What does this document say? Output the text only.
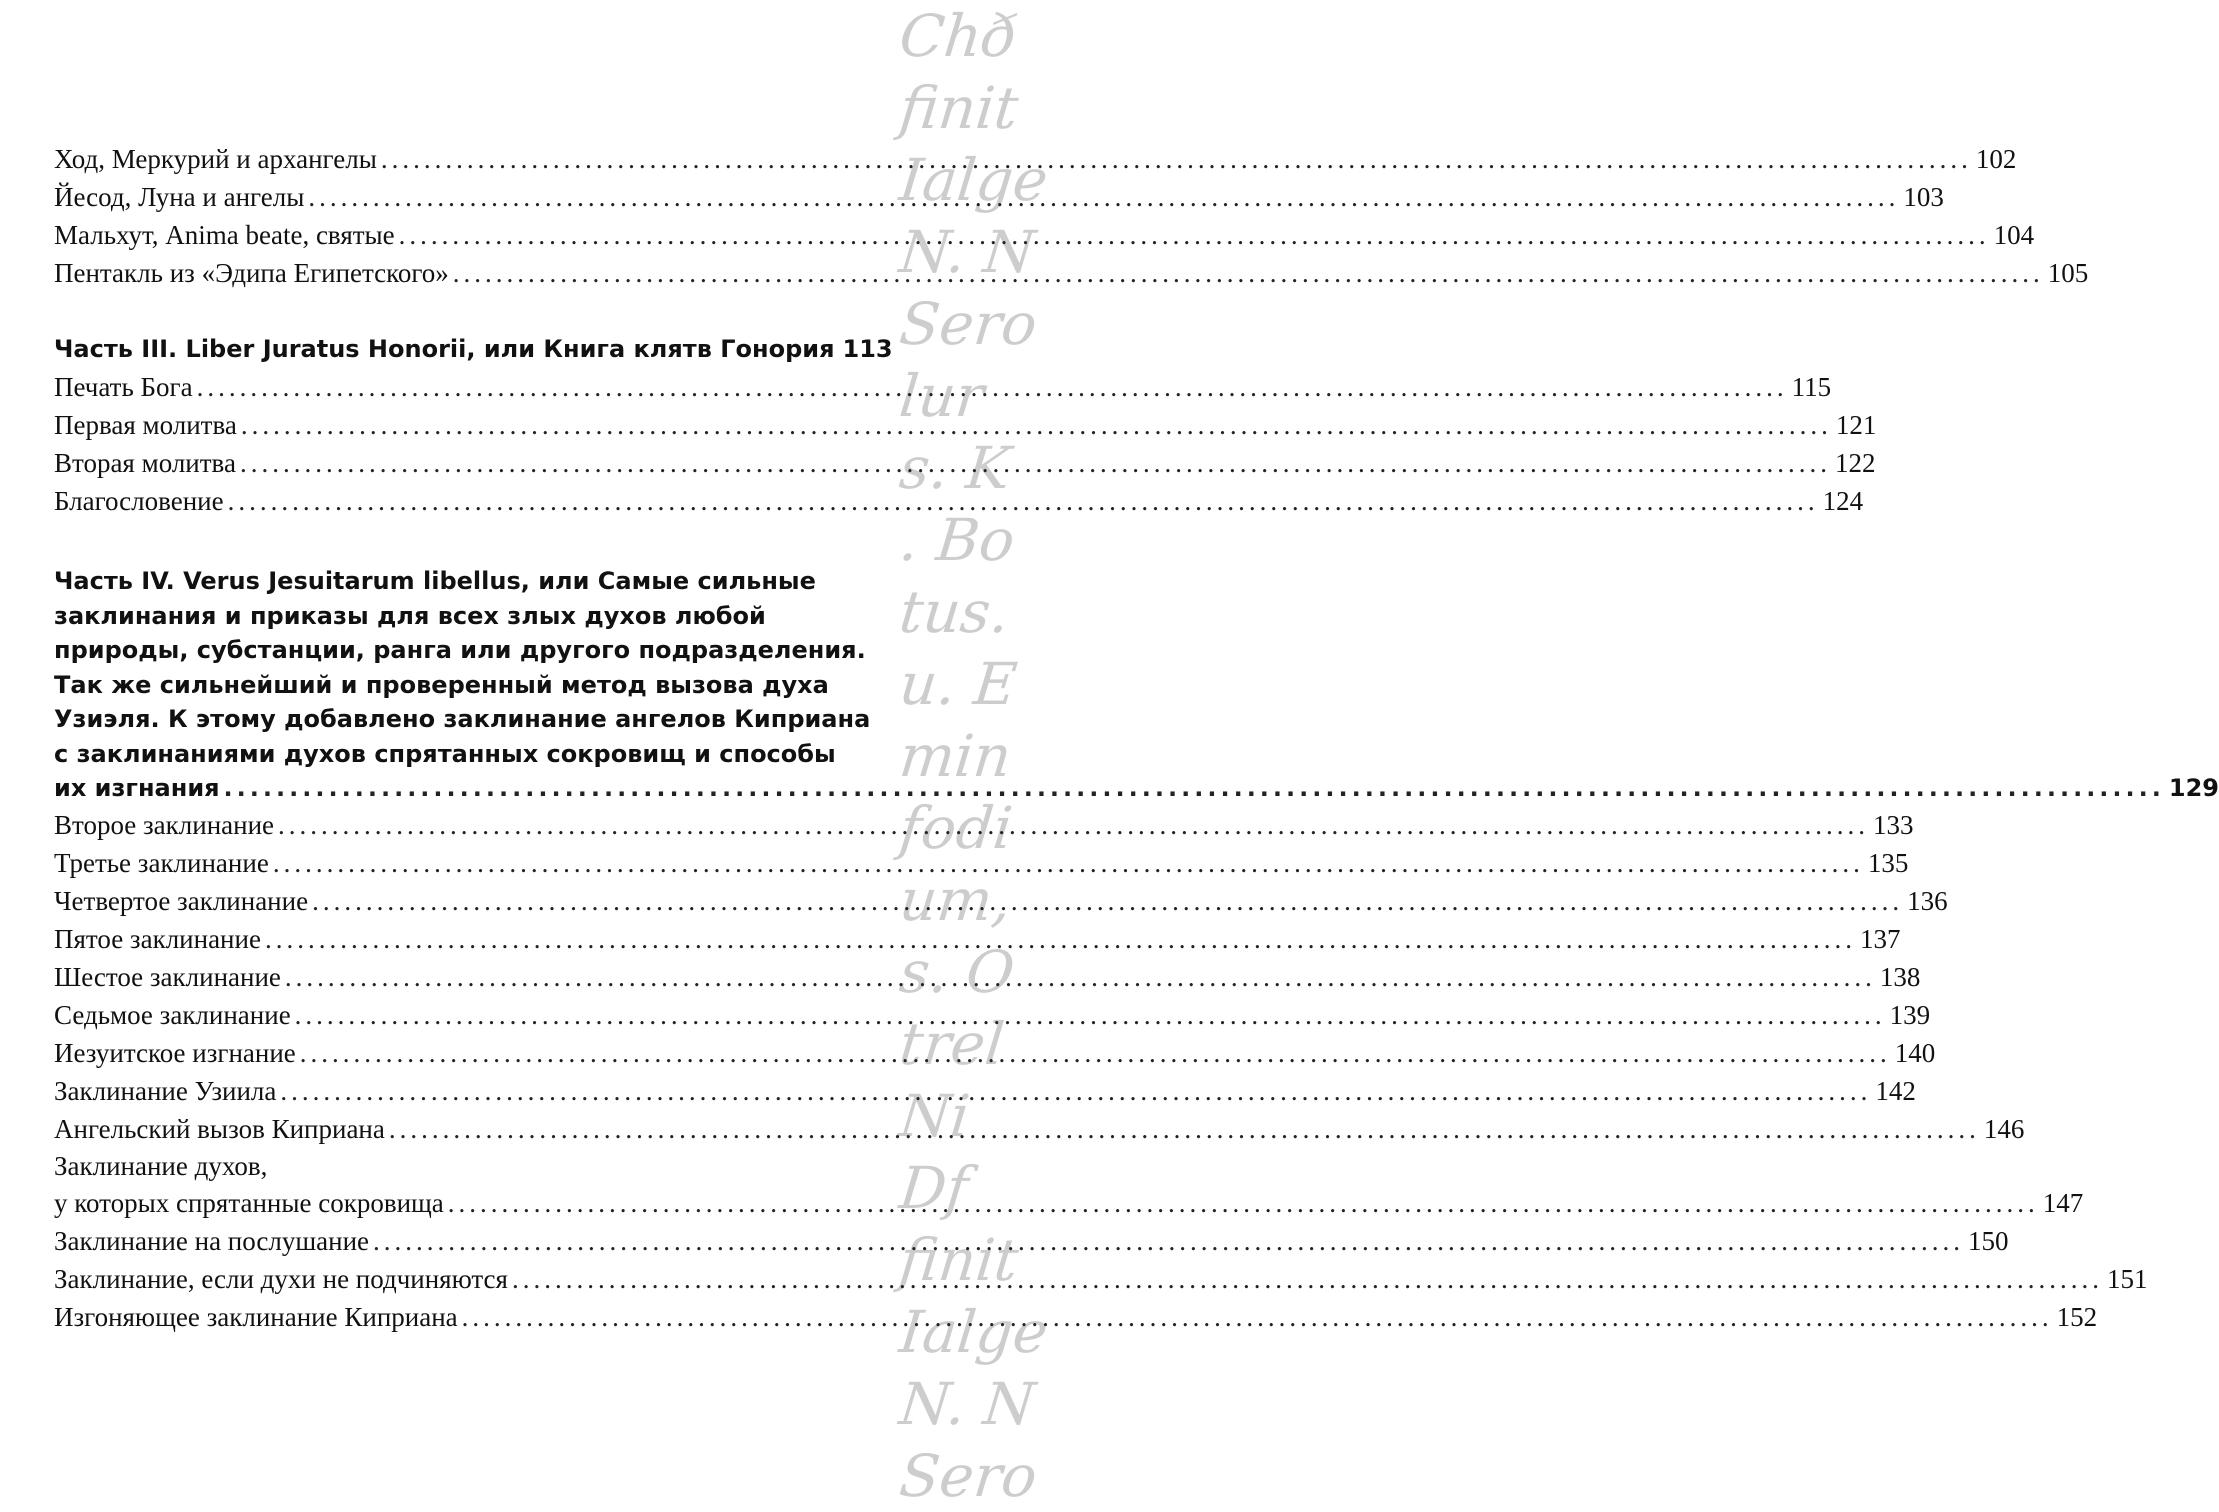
Chð
finit
Ialge
N. N
Sero
lur
s. K
. Bo
tus.
u. E
min
fodi
um,
s. O
trel
Ni
Df
finit
Ialge
N. N
Sero
Ход, Меркурий и архангелы .....	102
Йесод, Луна и ангелы .....	103
Мальхут, Anima beate, святые .....	104
Пентакль из «Эдипа Египетского» .....	105
Часть III. Liber Juratus Honorii, или Книга клятв Гонория 113
Печать Бога .....	115
Первая молитва .....	121
Вторая молитва .....	122
Благословение .....	124
Часть IV. Verus Jesuitarum libellus, или Самые сильные
заклинания и приказы для всех злых духов любой
природы, субстанции, ранга или другого подразделения.
Так же сильнейший и проверенный метод вызова духа
Узиэля. К этому добавлено заклинание ангелов Киприана
с заклинаниями духов спрятанных сокровищ и способы
их изгнания .....	129
Второе заклинание .....	133
Третье заклинание .....	135
Четвертое заклинание .....	136
Пятое заклинание .....	137
Шестое заклинание .....	138
Седьмое заклинание .....	139
Иезуитское изгнание .....	140
Заклинание Узиила .....	142
Ангельский вызов Киприана .....	146
Заклинание духов,
у которых спрятанные сокровища .....	147
Заклинание на послушание .....	150
Заклинание, если духи не подчиняются .....	151
Изгоняющее заклинание Киприана .....	152
